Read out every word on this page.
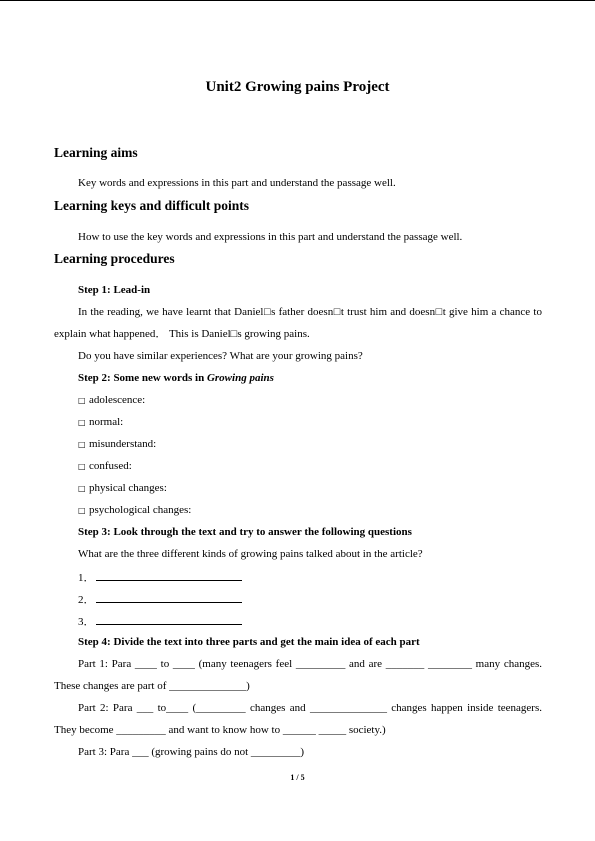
Unit2 Growing pains Project
Learning aims

Key words and expressions in this part and understand the passage well.

Learning keys and difficult points

How to use the key words and expressions in this part and understand the passage well.

Learning procedures

Step 1: Lead-in

In the reading, we have learnt that Daniel□s father doesn□t trust him and doesn□t give him a chance to explain what happened． This is Daniel□s growing pains.

Do you have similar experiences? What are your growing pains?

Step 2: Some new words in Growing pains

□ adolescence:

□ normal:

□ misunderstand:

□ confused:

□ physical changes:

□ psychological changes:

Step 3: Look through the text and try to answer the following questions

What are the three different kinds of growing pains talked about in the article?

1．

2．

3．

Step 4: Divide the text into three parts and get the main idea of each part

Part 1: Para ____ to ____ (many teenagers feel _________ and are _______ ________ many changes. These changes are part of ______________)

Part 2: Para ___ to____ (_________ changes and ______________ changes happen inside teenagers. They become _________ and want to know how to ______ _____ society.)

Part 3: Para ___ (growing pains do not _________)

1 / 5
